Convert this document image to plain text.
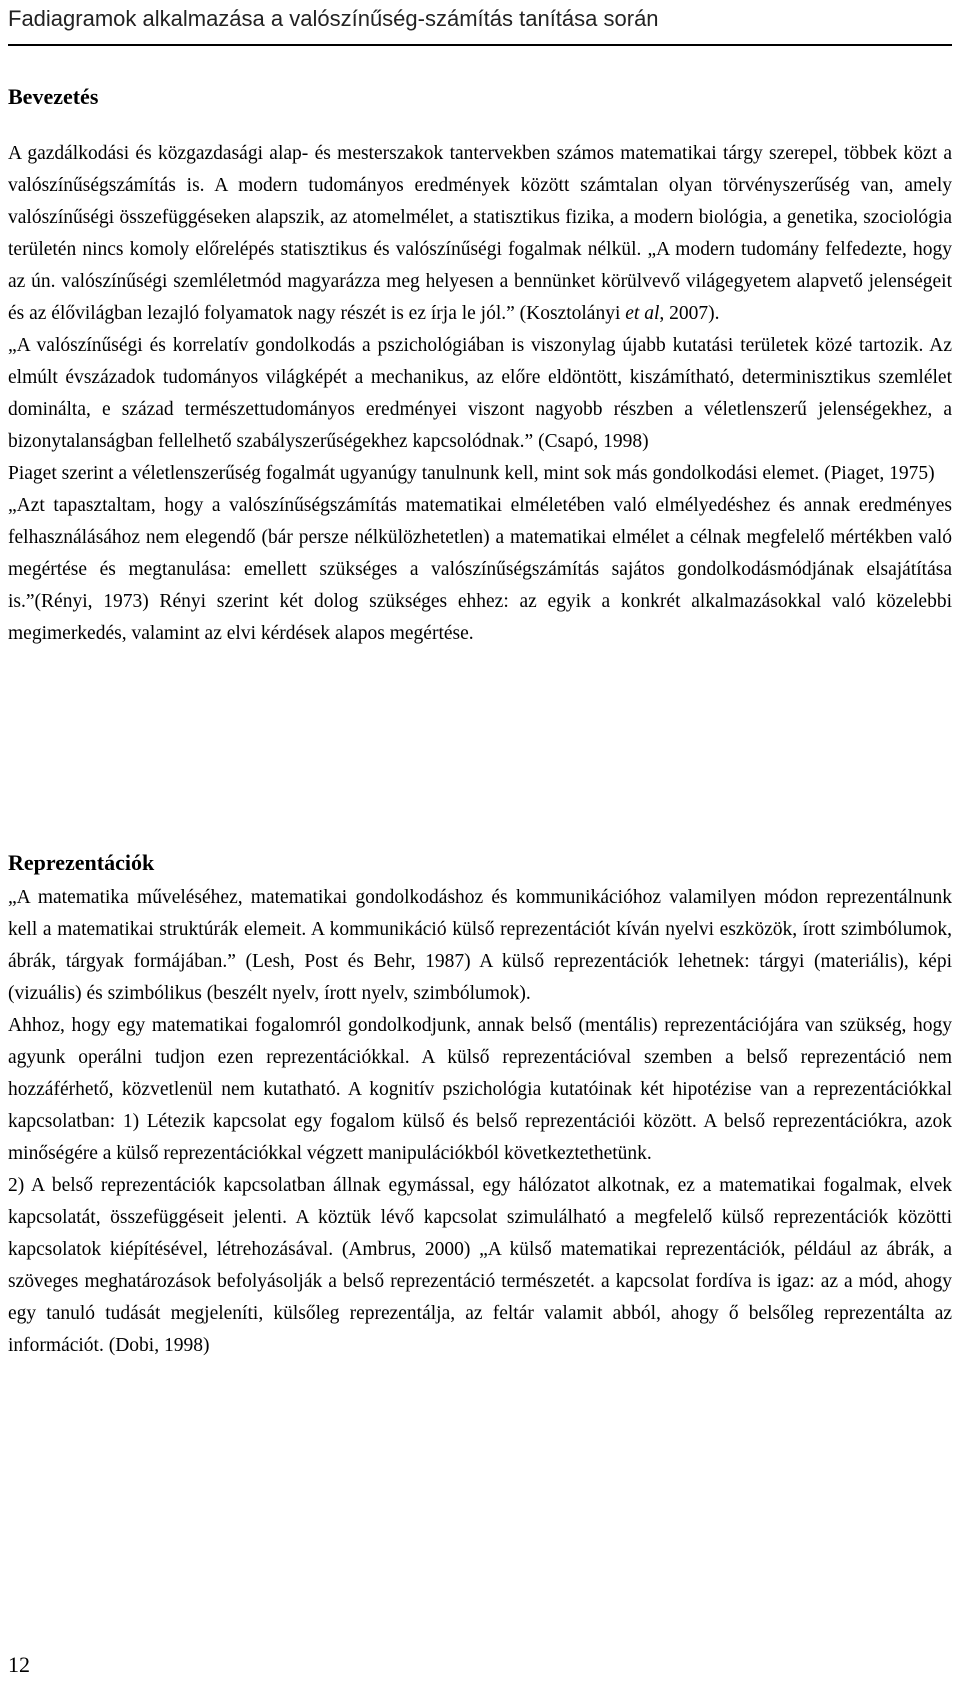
Fadiagramok alkalmazása a valószínűség-számítás tanítása során
Bevezetés

A gazdálkodási és közgazdasági alap- és mesterszakok tantervekben számos matematikai tárgy szerepel, többek közt a valószínűségszámítás is. A modern tudományos eredmények között számtalan olyan törvényszerűség van, amely valószínűségi összefüggéseken alapszik, az atomelmélet, a statisztikus fizika, a modern biológia, a genetika, szociológia területén nincs komoly előrelépés statisztikus és valószínűségi fogalmak nélkül. „A modern tudomány felfedezte, hogy az ún. valószínűségi szemléletmód magyarázza meg helyesen a bennünket körülvevő világegyetem alapvető jelenségeit és az élővilágban lezajló folyamatok nagy részét is ez írja le jól.” (Kosztolányi et al, 2007).

„A valószínűségi és korrelatív gondolkodás a pszichológiában is viszonylag újabb kutatási területek közé tartozik. Az elmúlt évszázadok tudományos világképét a mechanikus, az előre eldöntött, kiszámítható, determinisztikus szemlélet dominálta, e század természettudományos eredményei viszont nagyobb részben a véletlenszerű jelenségekhez, a bizonytalanságban fellelhető szabályszerűségekhez kapcsolódnak.” (Csapó, 1998)

Piaget szerint a véletlenszerűség fogalmát ugyanúgy tanulnunk kell, mint sok más gondolkodási elemet. (Piaget, 1975)

„Azt tapasztaltam, hogy a valószínűségszámítás matematikai elméletében való elmélyedéshez és annak eredményes felhasználásához nem elegendő (bár persze nélkülözhetetlen) a matematikai elmélet a célnak megfelelő mértékben való megértése és megtanulása: emellett szükséges a valószínűségszámítás sajátos gondolkodásmódjának elsajátítása is.”(Rényi, 1973) Rényi szerint két dolog szükséges ehhez: az egyik a konkrét alkalmazásokkal való közelebbi megimerkedés, valamint az elvi kérdések alapos megértése.

Reprezentációk

„A matematika műveléséhez, matematikai gondolkodáshoz és kommunikációhoz valamilyen módon reprezentálnunk kell a matematikai struktúrák elemeit. A kommunikáció külső reprezentációt kíván nyelvi eszközök, írott szimbólumok, ábrák, tárgyak formájában.” (Lesh, Post és Behr, 1987) A külső reprezentációk lehetnek: tárgyi (materiális), képi (vizuális) és szimbólikus (beszélt nyelv, írott nyelv, szimbólumok).

Ahhoz, hogy egy matematikai fogalomról gondolkodjunk, annak belső (mentális) reprezentációjára van szükség, hogy agyunk operálni tudjon ezen reprezentációkkal. A külső reprezentációval szemben a belső reprezentáció nem hozzáférhető, közvetlenül nem kutatható. A kognitív pszichológia kutatóinak két hipotézise van a reprezentációkkal kapcsolatban: 1) Létezik kapcsolat egy fogalom külső és belső reprezentációi között. A belső reprezentációkra, azok minőségére a külső reprezentációkkal végzett manipulációkból következtethetünk.

2) A belső reprezentációk kapcsolatban állnak egymással, egy hálózatot alkotnak, ez a matematikai fogalmak, elvek kapcsolatát, összefüggéseit jelenti. A köztük lévő kapcsolat szimulálható a megfelelő külső reprezentációk közötti kapcsolatok kiépítésével, létrehozásával. (Ambrus, 2000) „A külső matematikai reprezentációk, például az ábrák, a szöveges meghatározások befolyásolják a belső reprezentáció természetét. a kapcsolat fordíva is igaz: az a mód, ahogy egy tanuló tudását megjeleníti, külsőleg reprezentálja, az feltár valamit abból, ahogy ő belsőleg reprezentálta az információt. (Dobi, 1998)

12
